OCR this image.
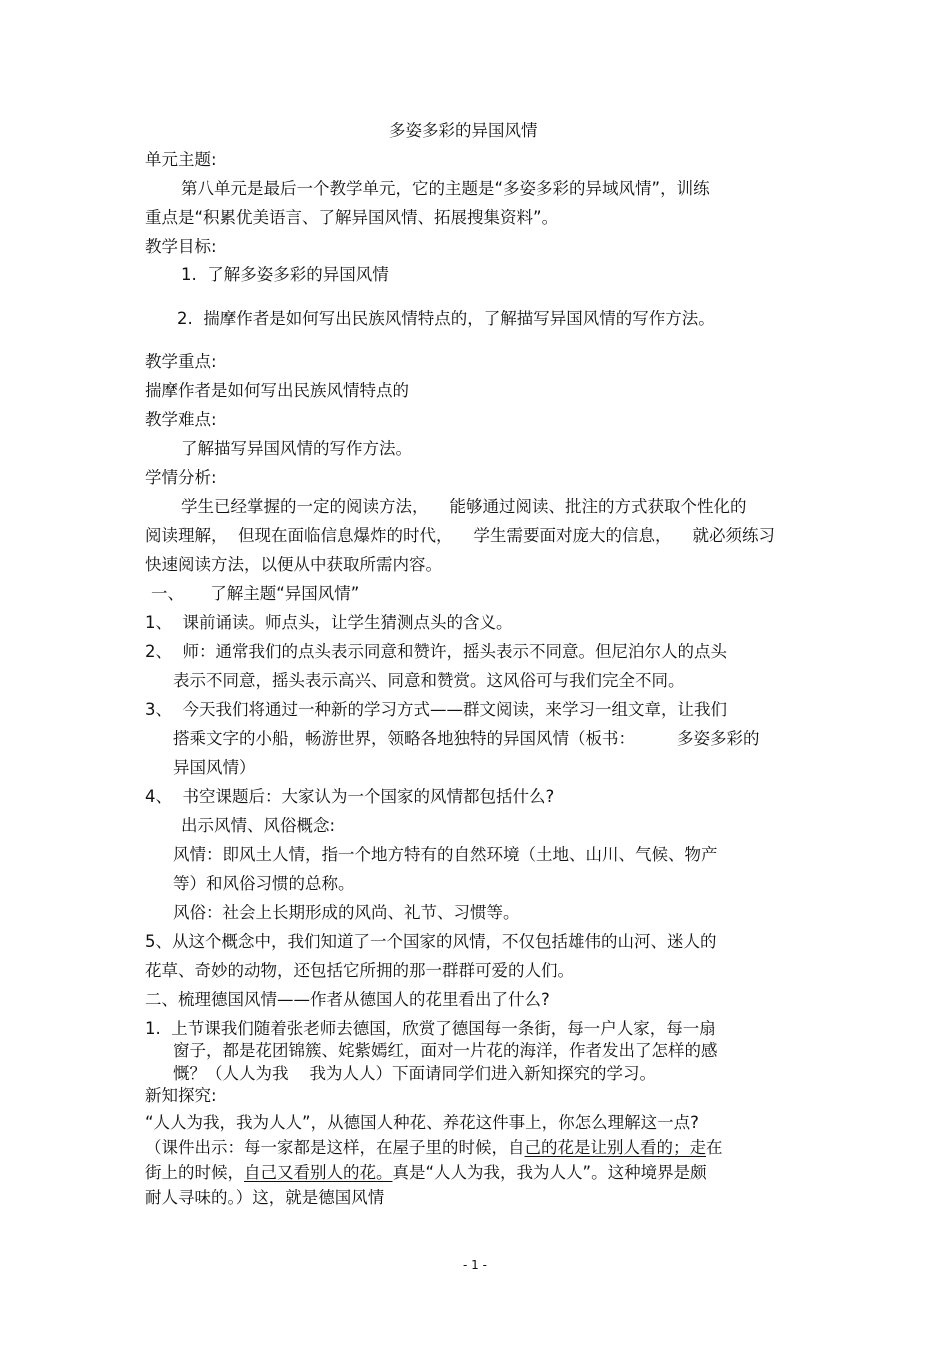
多姿多彩的异国风情
单元主题:
第八单元是最后一个教学单元，它的主题是“多姿多彩的异域风情”，训练
重点是“积累优美语言、了解异国风情、拓展搜集资料”。
教学目标:
1.  了解多姿多彩的异国风情
2.  揣摩作者是如何写出民族风情特点的，了解描写异国风情的写作方法。
教学重点:
揣摩作者是如何写出民族风情特点的
教学难点:
了解描写异国风情的写作方法。
学情分析:
学生已经掌握的一定的阅读方法，    能够通过阅读、批注的方式获取个性化的
阅读理解，  但现在面临信息爆炸的时代，    学生需要面对庞大的信息，    就必须练习
快速阅读方法，以便从中获取所需内容。
一、     了解主题“异国风情”
1、  课前诵读。师点头，让学生猜测点头的含义。
2、  师：通常我们的点头表示同意和赞许，摇头表示不同意。但尼泊尔人的点头
表示不同意，摇头表示高兴、同意和赞赏。这风俗可与我们完全不同。
3、  今天我们将通过一种新的学习方式——群文阅读，来学习一组文章，让我们
搭乘文字的小船，畅游世界，领略各地独特的异国风情（板书：        多姿多彩的
异国风情）
4、  书空课题后：大家认为一个国家的风情都包括什么?
出示风情、风俗概念:
风情：即风土人情，指一个地方特有的自然环境（土地、山川、气候、物产
等）和风俗习惯的总称。
风俗：社会上长期形成的风尚、礼节、习惯等。
5、从这个概念中，我们知道了一个国家的风情，不仅包括雄伟的山河、迷人的
花草、奇妙的动物，还包括它所拥的那一群群可爱的人们。
二、梳理德国风情——作者从德国人的花里看出了什么?
1.  上节课我们随着张老师去德国，欣赏了德国每一条街，每一户人家，每一扇
窗子，都是花团锦簇、姹紫嫣红，面对一片花的海洋，作者发出了怎样的感
慨？（人人为我    我为人人）下面请同学们进入新知探究的学习。
新知探究:
“人人为我，我为人人”，从德国人种花、养花这件事上，你怎么理解这一点?
（课件出示：每一家都是这样，在屋子里的时候，自己的花是让别人看的；走在
街上的时候，自己又看别人的花。真是“人人为我，我为人人”。这种境界是颇
耐人寻味的。）这，就是德国风情
- 1 -
